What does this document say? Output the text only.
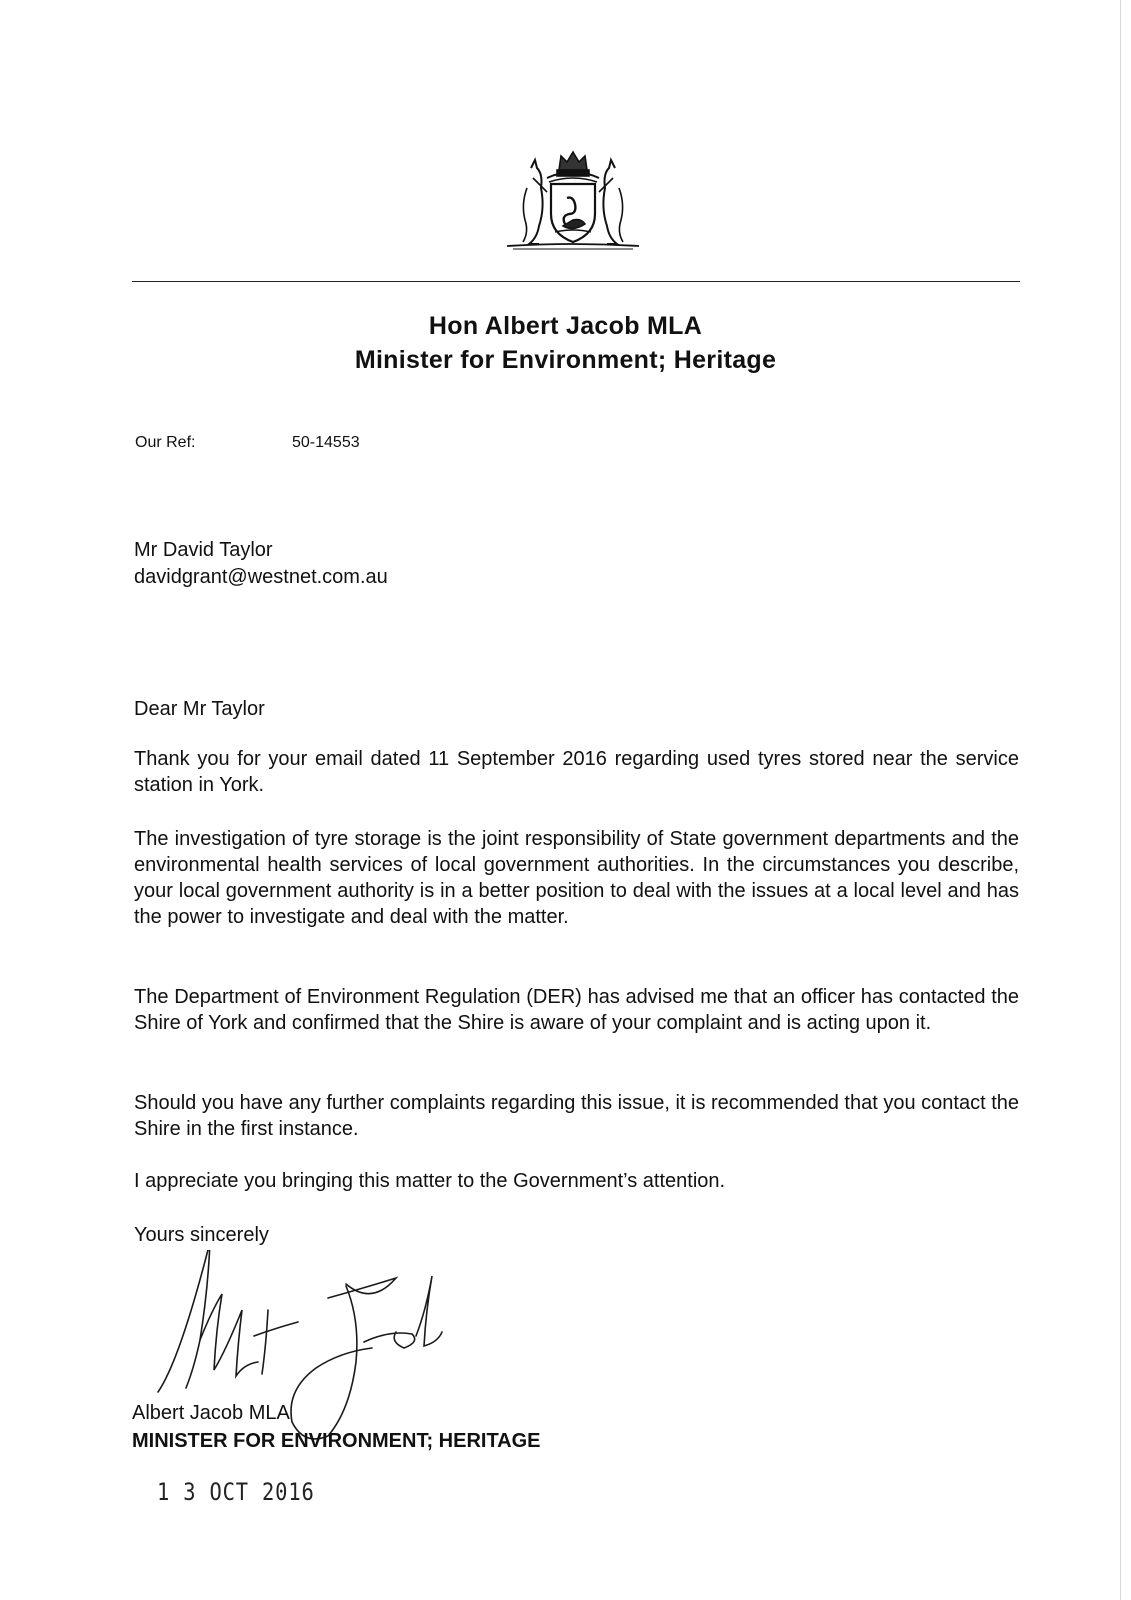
Hon Albert Jacob MLA
Minister for Environment; Heritage
Our Ref:	50-14553
Mr David Taylor
davidgrant@westnet.com.au

Dear Mr Taylor

Thank you for your email dated 11 September 2016 regarding used tyres stored near the service station in York.

The investigation of tyre storage is the joint responsibility of State government departments and the environmental health services of local government authorities. In the circumstances you describe, your local government authority is in a better position to deal with the issues at a local level and has the power to investigate and deal with the matter.

The Department of Environment Regulation (DER) has advised me that an officer has contacted the Shire of York and confirmed that the Shire is aware of your complaint and is acting upon it.

Should you have any further complaints regarding this issue, it is recommended that you contact the Shire in the first instance.

I appreciate you bringing this matter to the Government’s attention.

Yours sincerely

Albert Jacob MLA
MINISTER FOR ENVIRONMENT; HERITAGE
1 3 OCT 2016
